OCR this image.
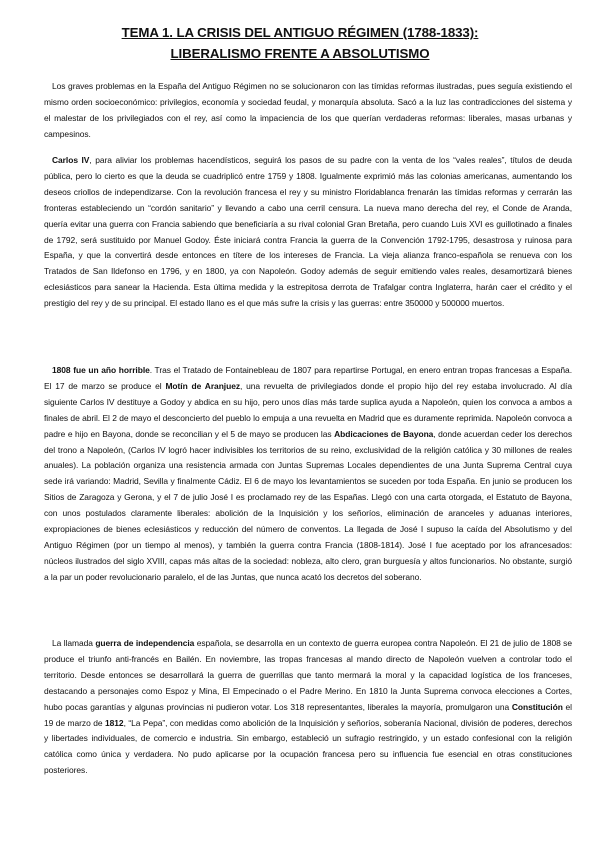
TEMA 1. LA CRISIS DEL ANTIGUO RÉGIMEN (1788-1833):
LIBERALISMO FRENTE A ABSOLUTISMO

Los graves problemas en la España del Antiguo Régimen no se solucionaron con las tímidas reformas ilustradas, pues seguía existiendo el mismo orden socioeconómico: privilegios, economía y sociedad feudal, y monarquía absoluta. Sacó a la luz las contradicciones del sistema y el malestar de los privilegiados con el rey, así como la impaciencia de los que querían verdaderas reformas: liberales, masas urbanas y campesinos.

Carlos IV, para aliviar los problemas hacendísticos, seguirá los pasos de su padre con la venta de los “vales reales”, títulos de deuda pública, pero lo cierto es que la deuda se cuadriplicó entre 1759 y 1808. Igualmente exprimió más las colonias americanas, aumentando los deseos criollos de independizarse. Con la revolución francesa el rey y su ministro Floridablanca frenarán las tímidas reformas y cerrarán las fronteras estableciendo un “cordón sanitario” y llevando a cabo una cerril censura. La nueva mano derecha del rey, el Conde de Aranda, quería evitar una guerra con Francia sabiendo que beneficiaría a su rival colonial Gran Bretaña, pero cuando Luis XVI es guillotinado a finales de 1792, será sustituido por Manuel Godoy. Éste iniciará contra Francia la guerra de la Convención 1792-1795, desastrosa y ruinosa para España, y que la convertirá desde entonces en títere de los intereses de Francia. La vieja alianza franco-española se renueva con los Tratados de San Ildefonso en 1796, y en 1800, ya con Napoleón. Godoy además de seguir emitiendo vales reales, desamortizará bienes eclesiásticos para sanear la Hacienda. Esta última medida y la estrepitosa derrota de Trafalgar contra Inglaterra, harán caer el crédito y el prestigio del rey y de su principal. El estado llano es el que más sufre la crisis y las guerras: entre 350000 y 500000 muertos.

1808 fue un año horrible. Tras el Tratado de Fontainebleau de 1807 para repartirse Portugal, en enero entran tropas francesas a España. El 17 de marzo se produce el Motín de Aranjuez, una revuelta de privilegiados donde el propio hijo del rey estaba involucrado. Al día siguiente Carlos IV destituye a Godoy y abdica en su hijo, pero unos días más tarde suplica ayuda a Napoleón, quien los convoca a ambos a finales de abril. El 2 de mayo el desconcierto del pueblo lo empuja a una revuelta en Madrid que es duramente reprimida. Napoleón convoca a padre e hijo en Bayona, donde se reconcilian y el 5 de mayo se producen las Abdicaciones de Bayona, donde acuerdan ceder los derechos del trono a Napoleón, (Carlos IV logró hacer indivisibles los territorios de su reino, exclusividad de la religión católica y 30 millones de reales anuales). La población organiza una resistencia armada con Juntas Supremas Locales dependientes de una Junta Suprema Central cuya sede irá variando: Madrid, Sevilla y finalmente Cádiz. El 6 de mayo los levantamientos se suceden por toda España. En junio se producen los Sitios de Zaragoza y Gerona, y el 7 de julio José I es proclamado rey de las Españas. Llegó con una carta otorgada, el Estatuto de Bayona, con unos postulados claramente liberales: abolición de la Inquisición y los señoríos, eliminación de aranceles y aduanas interiores, expropiaciones de bienes eclesiásticos y reducción del número de conventos. La llegada de José I supuso la caída del Absolutismo y del Antiguo Régimen (por un tiempo al menos), y también la guerra contra Francia (1808-1814). José I fue aceptado por los afrancesados: núcleos ilustrados del siglo XVIII, capas más altas de la sociedad: nobleza, alto clero, gran burguesía y altos funcionarios. No obstante, surgió a la par un poder revolucionario paralelo, el de las Juntas, que nunca acató los decretos del soberano.

La llamada guerra de independencia española, se desarrolla en un contexto de guerra europea contra Napoleón. El 21 de julio de 1808 se produce el triunfo anti-francés en Bailén. En noviembre, las tropas francesas al mando directo de Napoleón vuelven a controlar todo el territorio. Desde entonces se desarrollará la guerra de guerrillas que tanto mermará la moral y la capacidad logística de los franceses, destacando a personajes como Espoz y Mina, El Empecinado o el Padre Merino. En 1810 la Junta Suprema convoca elecciones a Cortes, hubo pocas garantías y algunas provincias ni pudieron votar. Los 318 representantes, liberales la mayoría, promulgaron una Constitución el 19 de marzo de 1812, “La Pepa”, con medidas como abolición de la Inquisición y señoríos, soberanía Nacional, división de poderes, derechos y libertades individuales, de comercio e industria. Sin embargo, estableció un sufragio restringido, y un estado confesional con la religión católica como única y verdadera. No pudo aplicarse por la ocupación francesa pero su influencia fue esencial en otras constituciones posteriores.
